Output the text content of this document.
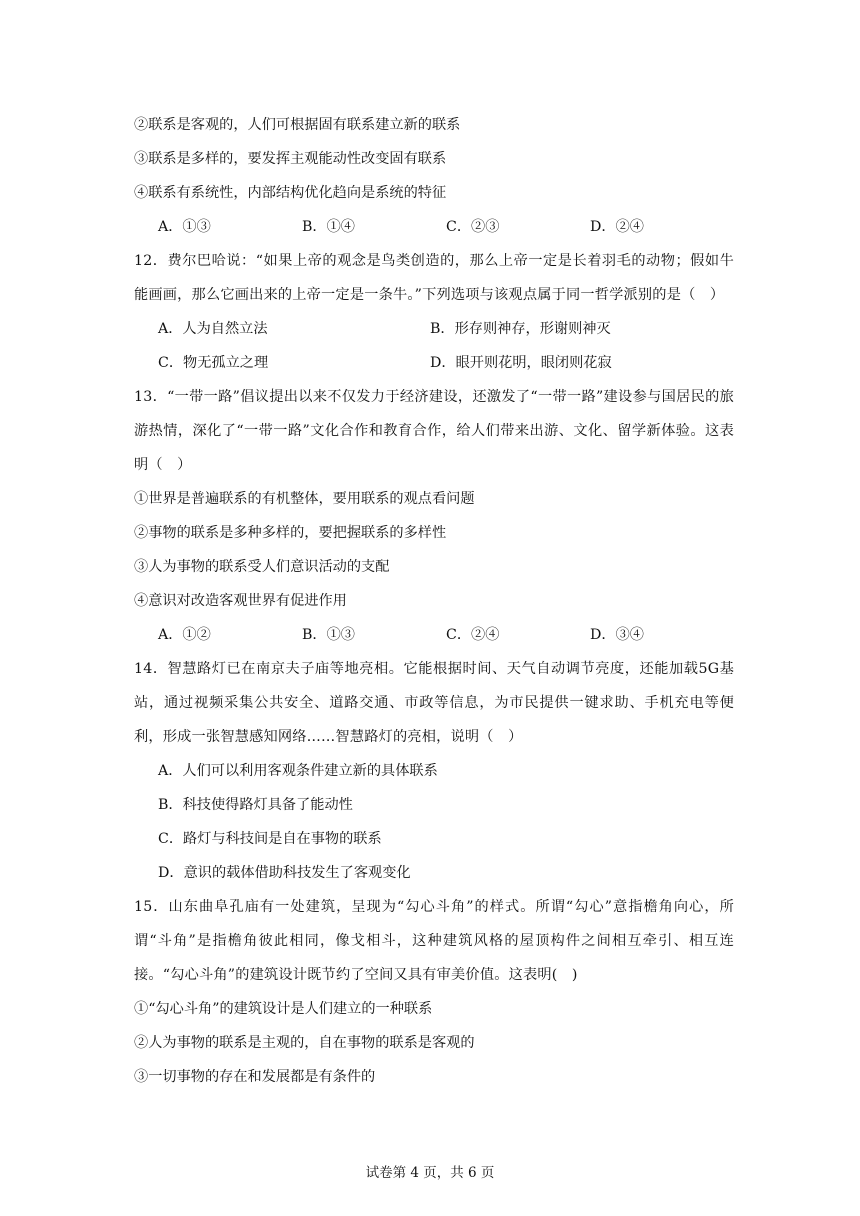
②联系是客观的，人们可根据固有联系建立新的联系
③联系是多样的，要发挥主观能动性改变固有联系
④联系有系统性，内部结构优化趋向是系统的特征
A．①③	B．①④	C．②③	D．②④
12．费尔巴哈说：“如果上帝的观念是鸟类创造的，那么上帝一定是长着羽毛的动物；假如牛能画画，那么它画出来的上帝一定是一条牛。”下列选项与该观点属于同一哲学派别的是（　）
A．人为自然立法	B．形存则神存，形谢则神灭
C．物无孤立之理	D．眼开则花明，眼闭则花寂
13．“一带一路”倡议提出以来不仅发力于经济建设，还激发了“一带一路”建设参与国居民的旅游热情，深化了“一带一路”文化合作和教育合作，给人们带来出游、文化、留学新体验。这表明（　）
①世界是普遍联系的有机整体，要用联系的观点看问题
②事物的联系是多种多样的，要把握联系的多样性
③人为事物的联系受人们意识活动的支配
④意识对改造客观世界有促进作用
A．①②	B．①③	C．②④	D．③④
14．智慧路灯已在南京夫子庙等地亮相。它能根据时间、天气自动调节亮度，还能加载5G基站，通过视频采集公共安全、道路交通、市政等信息，为市民提供一键求助、手机充电等便利，形成一张智慧感知网络……智慧路灯的亮相，说明（　）
A．人们可以利用客观条件建立新的具体联系
B．科技使得路灯具备了能动性
C．路灯与科技间是自在事物的联系
D．意识的载体借助科技发生了客观变化
15．山东曲阜孔庙有一处建筑，呈现为“勾心斗角”的样式。所谓“勾心”意指檐角向心，所谓“斗角”是指檐角彼此相同，像戈相斗，这种建筑风格的屋顶构件之间相互牵引、相互连接。“勾心斗角”的建筑设计既节约了空间又具有审美价值。这表明(　)
①“勾心斗角”的建筑设计是人们建立的一种联系
②人为事物的联系是主观的，自在事物的联系是客观的
③一切事物的存在和发展都是有条件的
试卷第 4 页，共 6 页
